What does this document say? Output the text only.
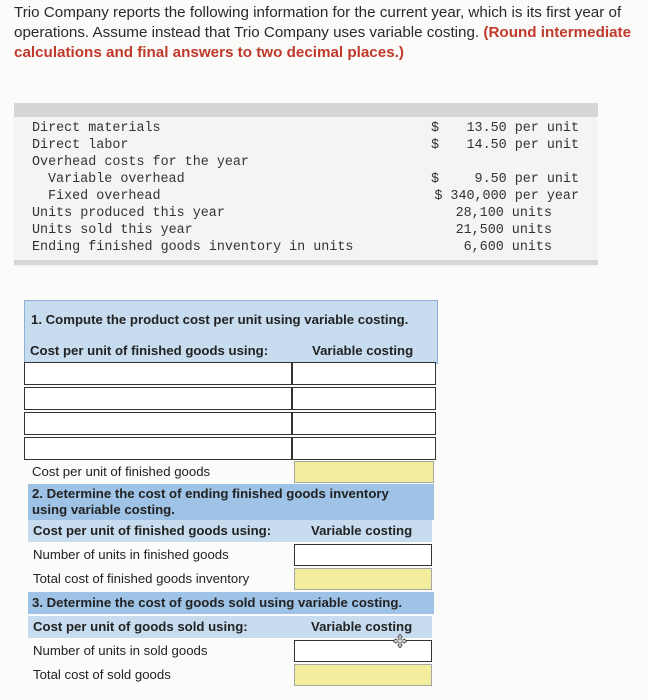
Trio Company reports the following information for the current year, which is its first year of operations. Assume instead that Trio Company uses variable costing. (Round intermediate calculations and final answers to two decimal places.)
Direct materials	$ 13.50 per unit
Direct labor	$ 14.50 per unit
Overhead costs for the year
Variable overhead	$	9.50 per unit
Fixed overhead	$ 340,000 per year
Units produced this year	28,100 units
Units sold this year	21,500 units
Ending finished goods inventory in units	6,600 units
1. Compute the product cost per unit using variable costing.
Cost per unit of finished goods using:	Variable costing
Cost per unit of finished goods
2. Determine the cost of ending finished goods inventory using variable costing.
Cost per unit of finished goods using:	Variable costing
Number of units in finished goods
Total cost of finished goods inventory
3. Determine the cost of goods sold using variable costing.
Cost per unit of goods sold using:	Variable costing
Number of units in sold goods
Total cost of sold goods
